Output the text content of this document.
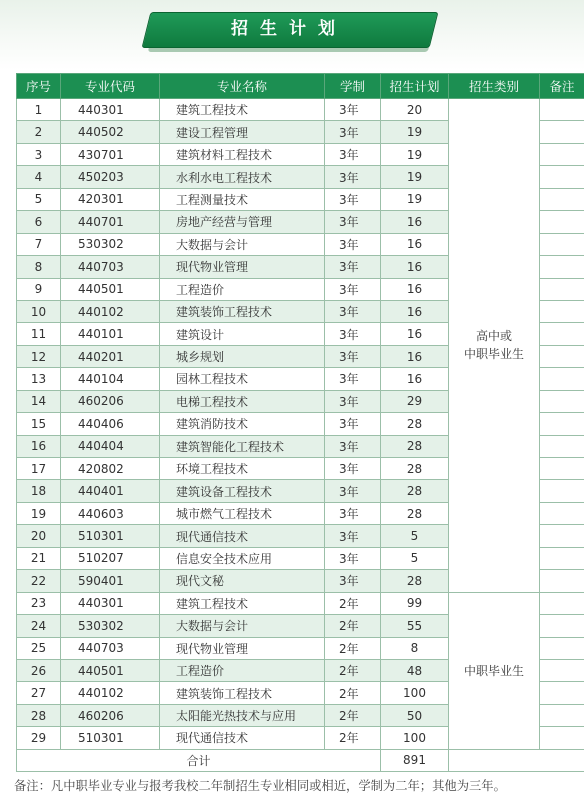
招生计划
序号	专业代码	专业名称	学制	招生计划	招生类别	备注
1	440301	建筑工程技术	3年	20	高中或
中职毕业生	

2	440502	建设工程管理	3年	19		
3	430701	建筑材料工程技术	3年	19		
4	450203	水利水电工程技术	3年	19		
5	420301	工程测量技术	3年	19		
6	440701	房地产经营与管理	3年	16		
7	530302	大数据与会计	3年	16		
8	440703	现代物业管理	3年	16		
9	440501	工程造价	3年	16		
10	440102	建筑装饰工程技术	3年	16		
11	440101	建筑设计	3年	16		
12	440201	城乡规划	3年	16		
13	440104	园林工程技术	3年	16		
14	460206	电梯工程技术	3年	29		
15	440406	建筑消防技术	3年	28		
16	440404	建筑智能化工程技术	3年	28		
17	420802	环境工程技术	3年	28		
18	440401	建筑设备工程技术	3年	28		
19	440603	城市燃气工程技术	3年	28		
20	510301	现代通信技术	3年	5		
21	510207	信息安全技术应用	3年	5		
22	590401	现代文秘	3年	28		
23	440301	建筑工程技术	2年	99	中职毕业生	

24	530302	大数据与会计	2年	55		
25	440703	现代物业管理	2年	8		
26	440501	工程造价	2年	48		
27	440102	建筑装饰工程技术	2年	100		
28	460206	太阳能光热技术与应用	2年	50		
29	510301	现代通信技术	2年	100		
合计				891		
备注：凡中职毕业专业与报考我校二年制招生专业相同或相近，学制为二年；其他为三年。
